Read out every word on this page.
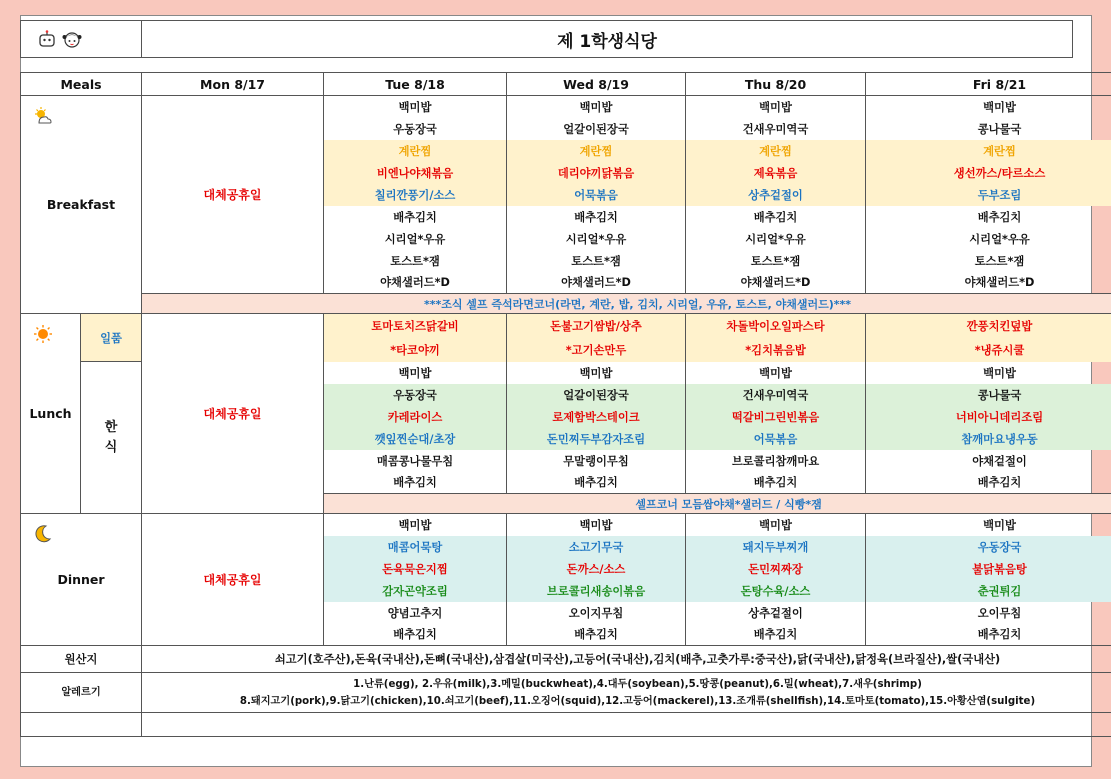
제 1학생식당
Meals		Mon 8/17	Tue 8/18	Wed 8/19	Thu 8/20	Fri 8/21

Breakfast		대체공휴일	백미밥	백미밥	백미밥	백미밥
			우동장국	얼갈이된장국	건새우미역국	콩나물국
			계란찜	계란찜	계란찜	계란찜
			비엔나야채볶음	데리야끼닭볶음	제육볶음	생선까스/타르소스
			칠리깐풍기/소스	어묵볶음	상추겉절이	두부조림
			배추김치	배추김치	배추김치	배추김치
			시리얼*우유	시리얼*우유	시리얼*우유	시리얼*우유
			토스트*잼	토스트*잼	토스트*잼	토스트*잼
			야채샐러드*D	야채샐러드*D	야채샐러드*D	야채샐러드*D
		***조식 셀프 즉석라면코너(라면, 계란, 밥, 김치, 시리얼, 우유, 토스트, 야채샐러드)***				

Lunch	일품	대체공휴일	토마토치즈닭갈비	돈불고기쌈밥/상추	차돌박이오일파스타	깐풍치킨덮밥
			*타코야끼	*고기손만두	*김치볶음밥	*냉쥬시쿨
	한
식		백미밥	백미밥	백미밥	백미밥
			우동장국	얼갈이된장국	건새우미역국	콩나물국
			카레라이스	로제함박스테이크	떡갈비그린빈볶음	너비아니데리조림
			깻잎찐순대/초장	돈민찌두부감자조림	어묵볶음	참깨마요냉우동
			매콤콩나물무침	무말랭이무침	브로콜리참깨마요	야채겉절이
			배추김치	배추김치	배추김치	배추김치
			셀프코너 모듬쌈야채*샐러드 / 식빵*잼			

Dinner		대체공휴일	백미밥	백미밥	백미밥	백미밥
			매콤어묵탕	소고기무국	돼지두부찌개	우동장국
			돈육묵은지찜	돈까스/소스	돈민찌짜장	불닭볶음탕
			감자곤약조림	브로콜리새송이볶음	돈탕수육/소스	춘권튀김
			양념고추지	오이지무침	상추겉절이	오이무침
			배추김치	배추김치	배추김치	배추김치
원산지		쇠고기(호주산),돈육(국내산),돈뼈(국내산),삼겹살(미국산),고등어(국내산),김치(배추,고춧가루:중국산),닭(국내산),닭정육(브라질산),쌀(국내산)				
알레르기		1.난류(egg), 2.우유(milk),3.메밀(buckwheat),4.대두(soybean),5.땅콩(peanut),6.밀(wheat),7.새우(shrimp)
8.돼지고기(pork),9.닭고기(chicken),10.쇠고기(beef),11.오징어(squid),12.고등어(mackerel),13.조개류(shellfish),14.토마토(tomato),15.아황산염(sulgite)				
